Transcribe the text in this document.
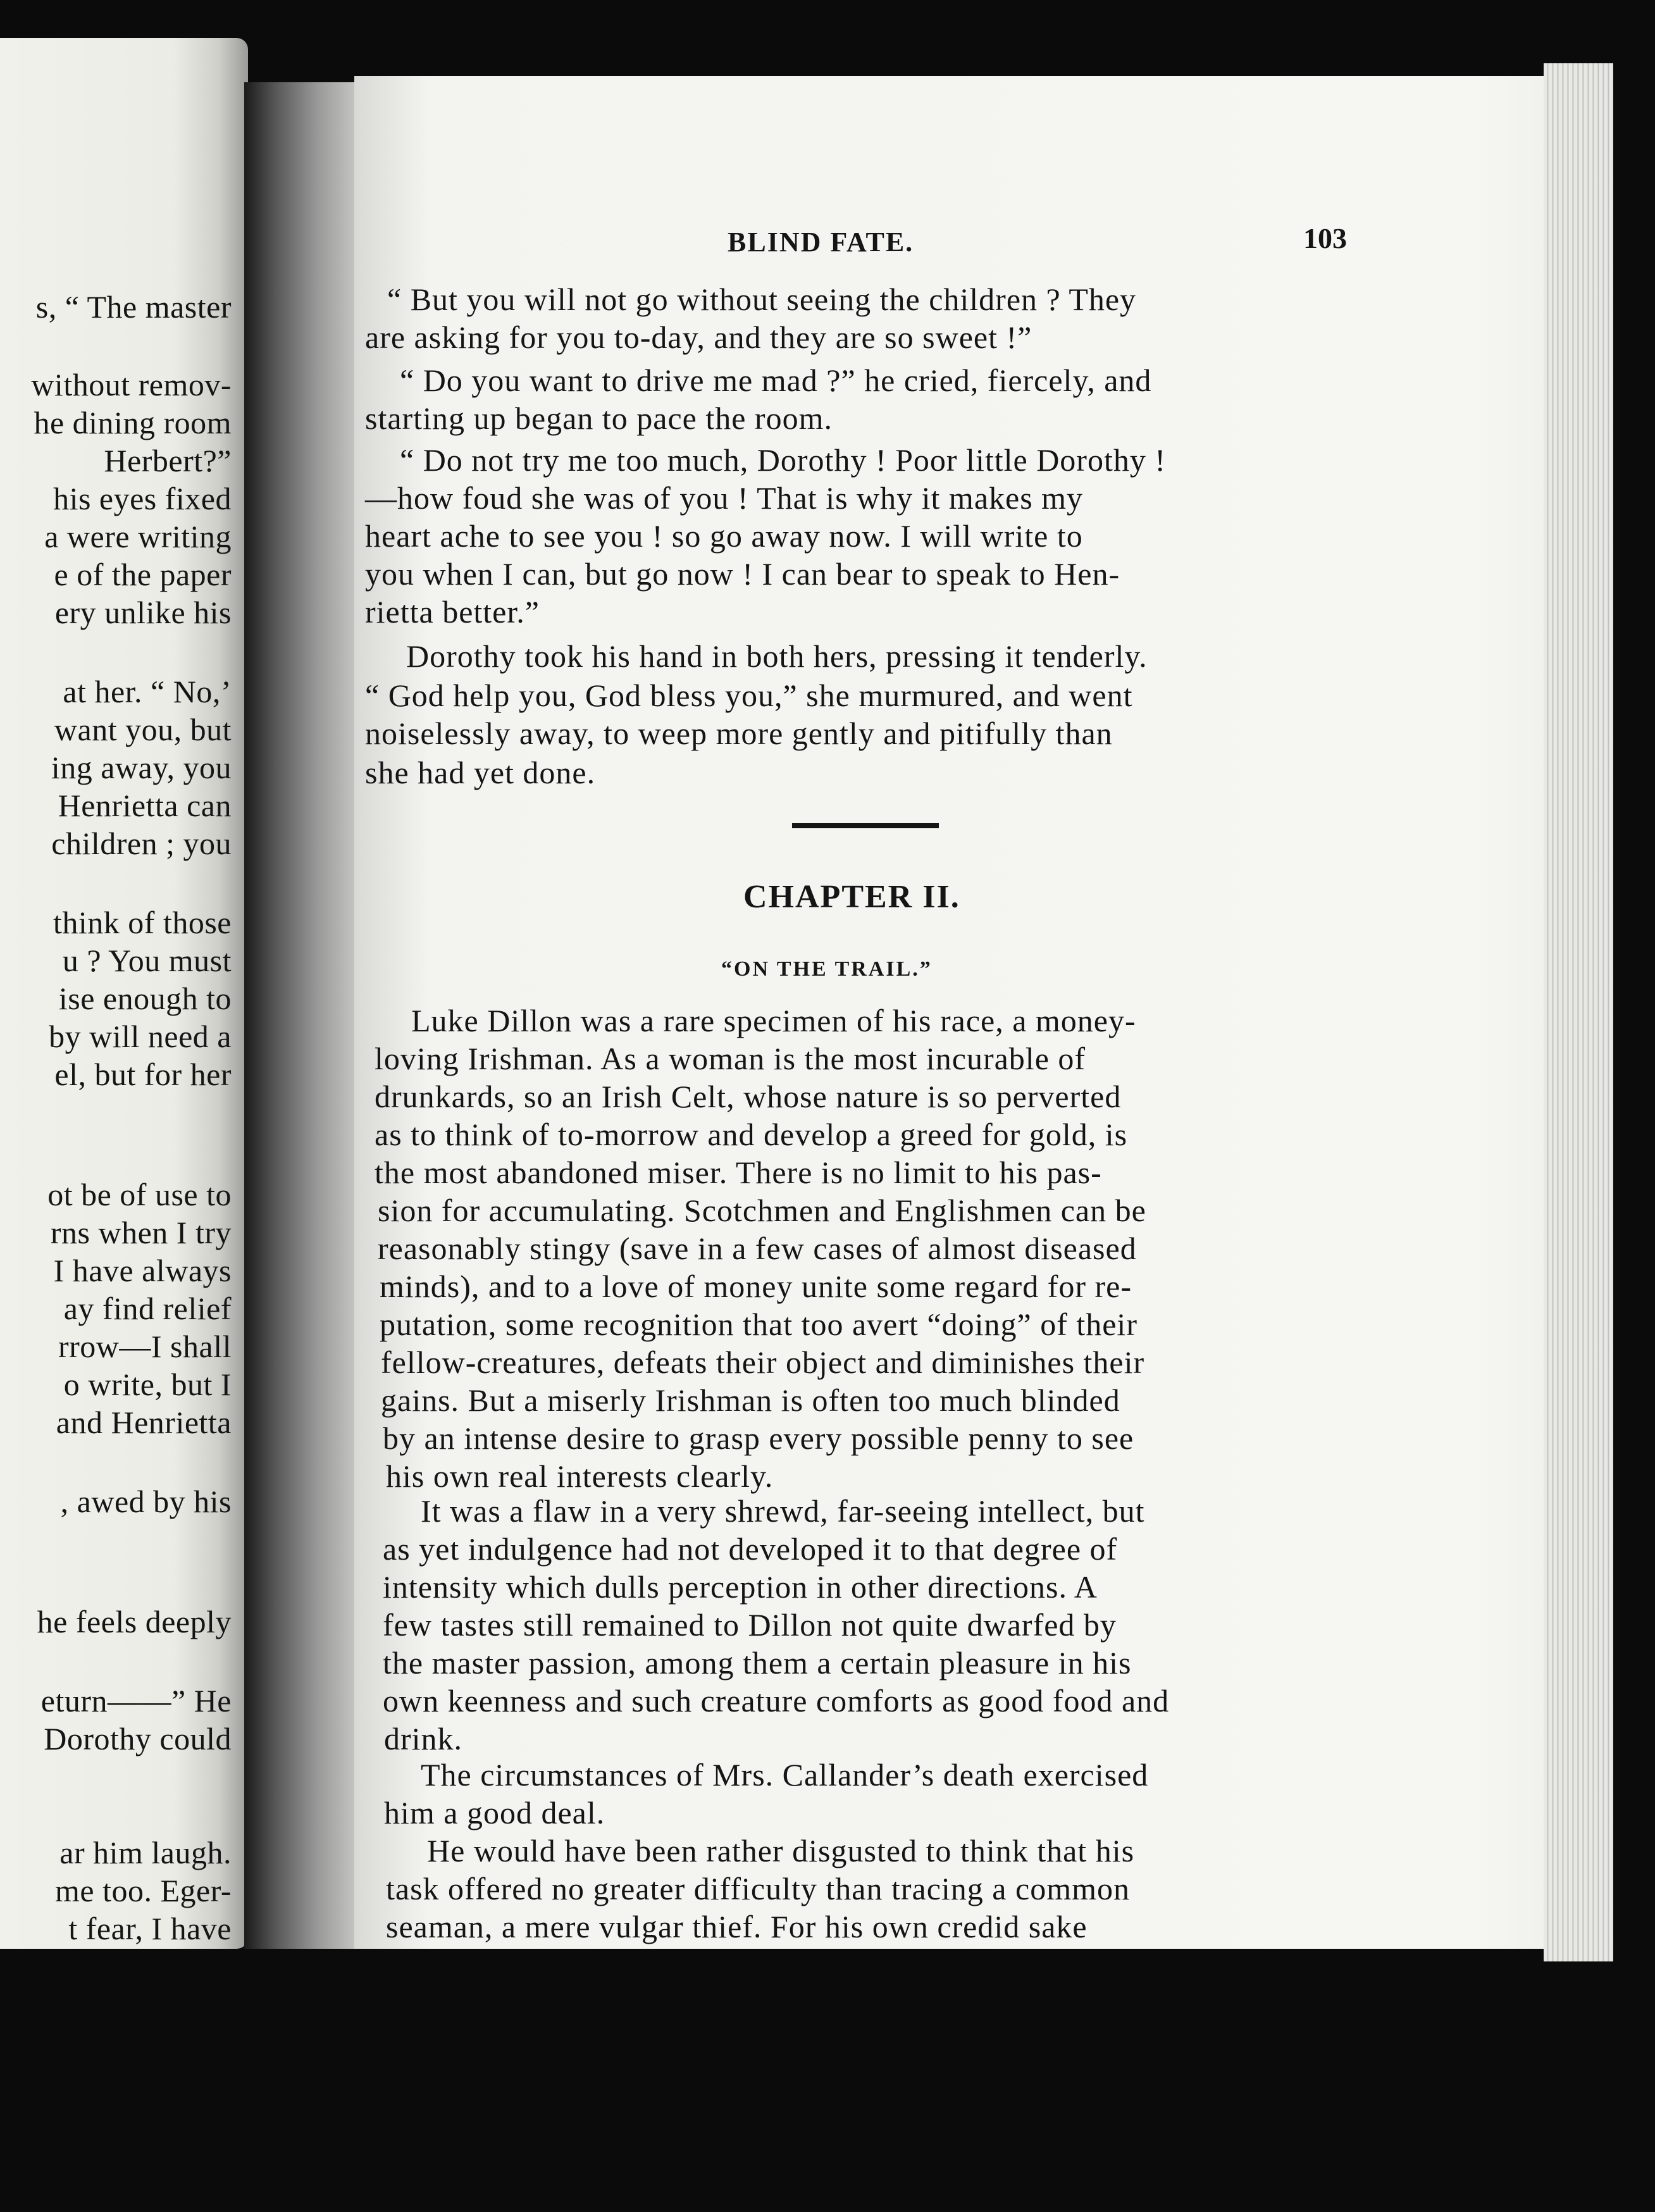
s, “ The master
without remov-
he dining room
Herbert?”
his eyes fixed
a were writing
e of the paper
ery unlike his
at her. “ No,’
want you, but
ing away, you
Henrietta can
children ; you
think of those
u ? You must
ise enough to
by will need a
el, but for her
ot be of use to
rns when I try
I have always
ay find relief
rrow—I shall
o write, but I
and Henrietta
, awed by his
he feels deeply
eturn——” He
Dorothy could
ar him laugh.
me too. Eger-
t fear, I have
BLIND FATE.	103
“ But you will not go without seeing the children ? They
are asking for you to-day, and they are so sweet !”
“ Do you want to drive me mad ?” he cried, fiercely, and
starting up began to pace the room.
“ Do not try me too much, Dorothy ! Poor little Dorothy !
—how foud she was of you ! That is why it makes my
heart ache to see you ! so go away now. I will write to
you when I can, but go now ! I can bear to speak to Hen-
rietta better.”
Dorothy took his hand in both hers, pressing it tenderly.
“ God help you, God bless you,” she murmured, and went
noiselessly away, to weep more gently and pitifully than
she had yet done.
CHAPTER II.
“ON THE TRAIL.”
Luke Dillon was a rare specimen of his race, a money-
loving Irishman. As a woman is the most incurable of
drunkards, so an Irish Celt, whose nature is so perverted
as to think of to-morrow and develop a greed for gold, is
the most abandoned miser. There is no limit to his pas-
sion for accumulating. Scotchmen and Englishmen can be
reasonably stingy (save in a few cases of almost diseased
minds), and to a love of money unite some regard for re-
putation, some recognition that too avert “doing” of their
fellow-creatures, defeats their object and diminishes their
gains. But a miserly Irishman is often too much blinded
by an intense desire to grasp every possible penny to see
his own real interests clearly.
It was a flaw in a very shrewd, far-seeing intellect, but
as yet indulgence had not developed it to that degree of
intensity which dulls perception in other directions. A
few tastes still remained to Dillon not quite dwarfed by
the master passion, among them a certain pleasure in his
own keenness and such creature comforts as good food and
drink.
The circumstances of Mrs. Callander’s death exercised
him a good deal.
He would have been rather disgusted to think that his
task offered no greater difficulty than tracing a common
seaman, a mere vulgar thief. For his own credid sake
